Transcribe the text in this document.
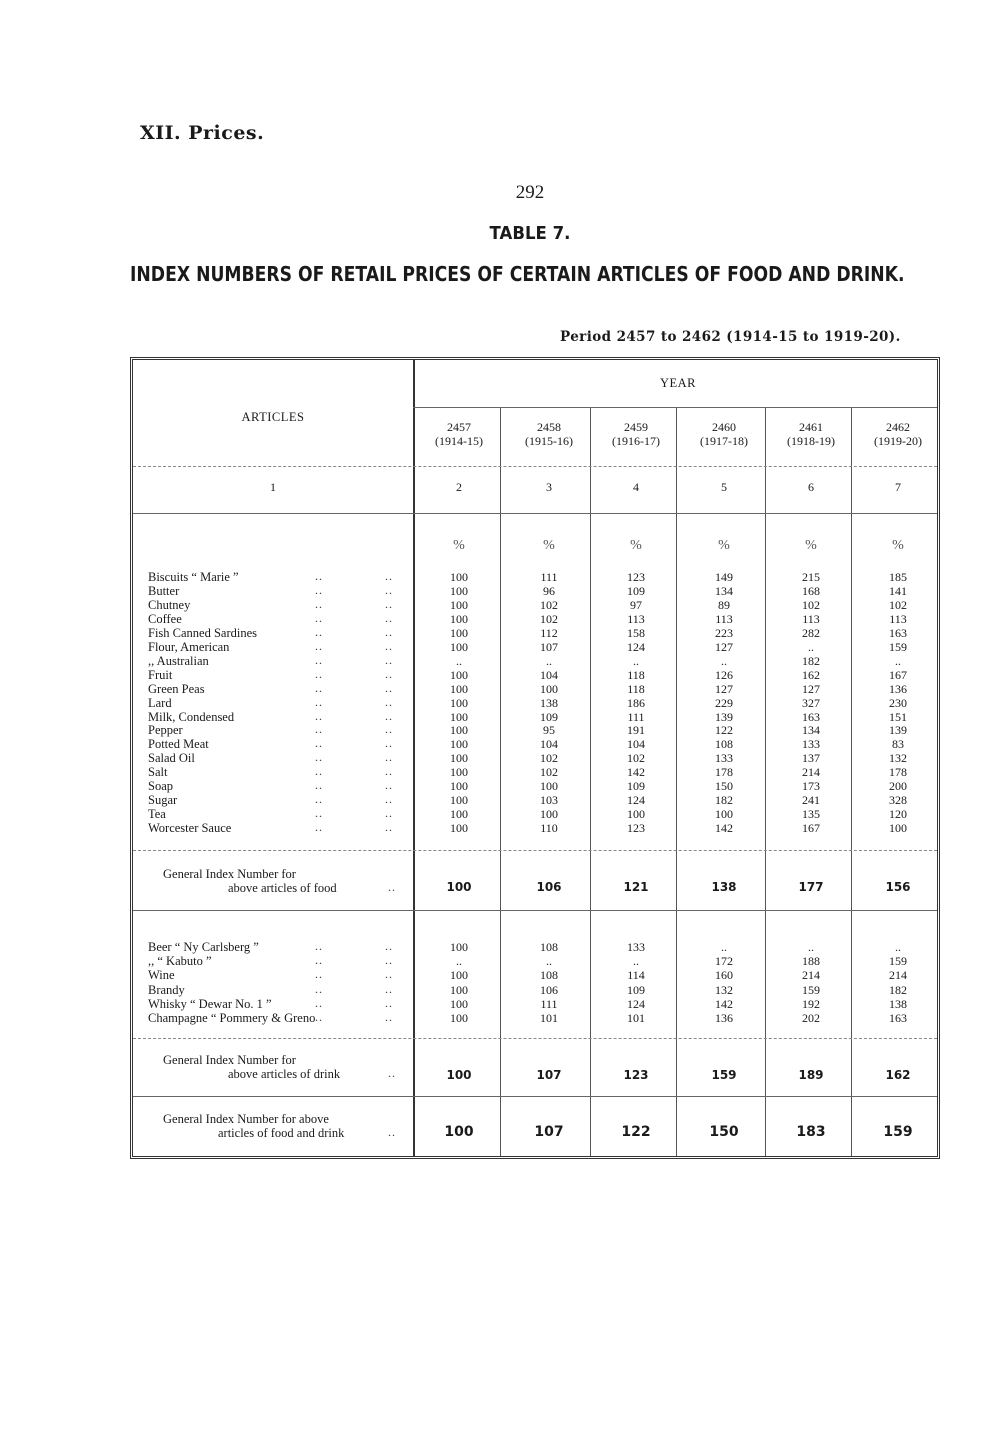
XII. Prices.
292
TABLE 7.
INDEX NUMBERS OF RETAIL PRICES OF CERTAIN ARTICLES OF FOOD AND DRINK.
Period 2457 to 2462 (1914-15 to 1919-20).
ARTICLES
YEAR
2457
(1914-15)
2458
(1915-16)
2459
(1916-17)
2460
(1917-18)
2461
(1918-19)
2462
(1919-20)
1	2	3	4	5	6	7
%	%	%	%	%	%
Biscuits “ Marie ”	..	..	100	111	123	149	215	185
Butter	..	..	100	96	109	134	168	141
Chutney	..	..	100	102	97	89	102	102
Coffee	..	..	100	102	113	113	113	113
Fish Canned Sardines	..	..	100	112	158	223	282	163
Flour, American	..	..	100	107	124	127	..	159
,, Australian	..	..	..	..	..	..	182	..
Fruit	..	..	100	104	118	126	162	167
Green Peas	..	..	100	100	118	127	127	136
Lard	..	..	100	138	186	229	327	230
Milk, Condensed	..	..	100	109	111	139	163	151
Pepper	..	..	100	95	191	122	134	139
Potted Meat	..	..	100	104	104	108	133	83
Salad Oil	..	..	100	102	102	133	137	132
Salt	..	..	100	102	142	178	214	178
Soap	..	..	100	100	109	150	173	200
Sugar	..	..	100	103	124	182	241	328
Tea	..	..	100	100	100	100	135	120
Worcester Sauce	..	..	100	110	123	142	167	100
Beer “ Ny Carlsberg ”	..	..	100	108	133	..	..	..
,, “ Kabuto ”	..	..	..	..	..	172	188	159
Wine	..	..	100	108	114	160	214	214
Brandy	..	..	100	106	109	132	159	182
Whisky “ Dewar No. 1 ”	..	..	100	111	124	142	192	138
Champagne “ Pommery & Greno ..	..	100	101	101	136	202	163
General Index Number for
above articles of food	..	100	106	121	138	177	156
General Index Number for
above articles of drink	..	100	107	123	159	189	162
General Index Number for above
articles of food and drink	..	100	107	122	150	183	159
